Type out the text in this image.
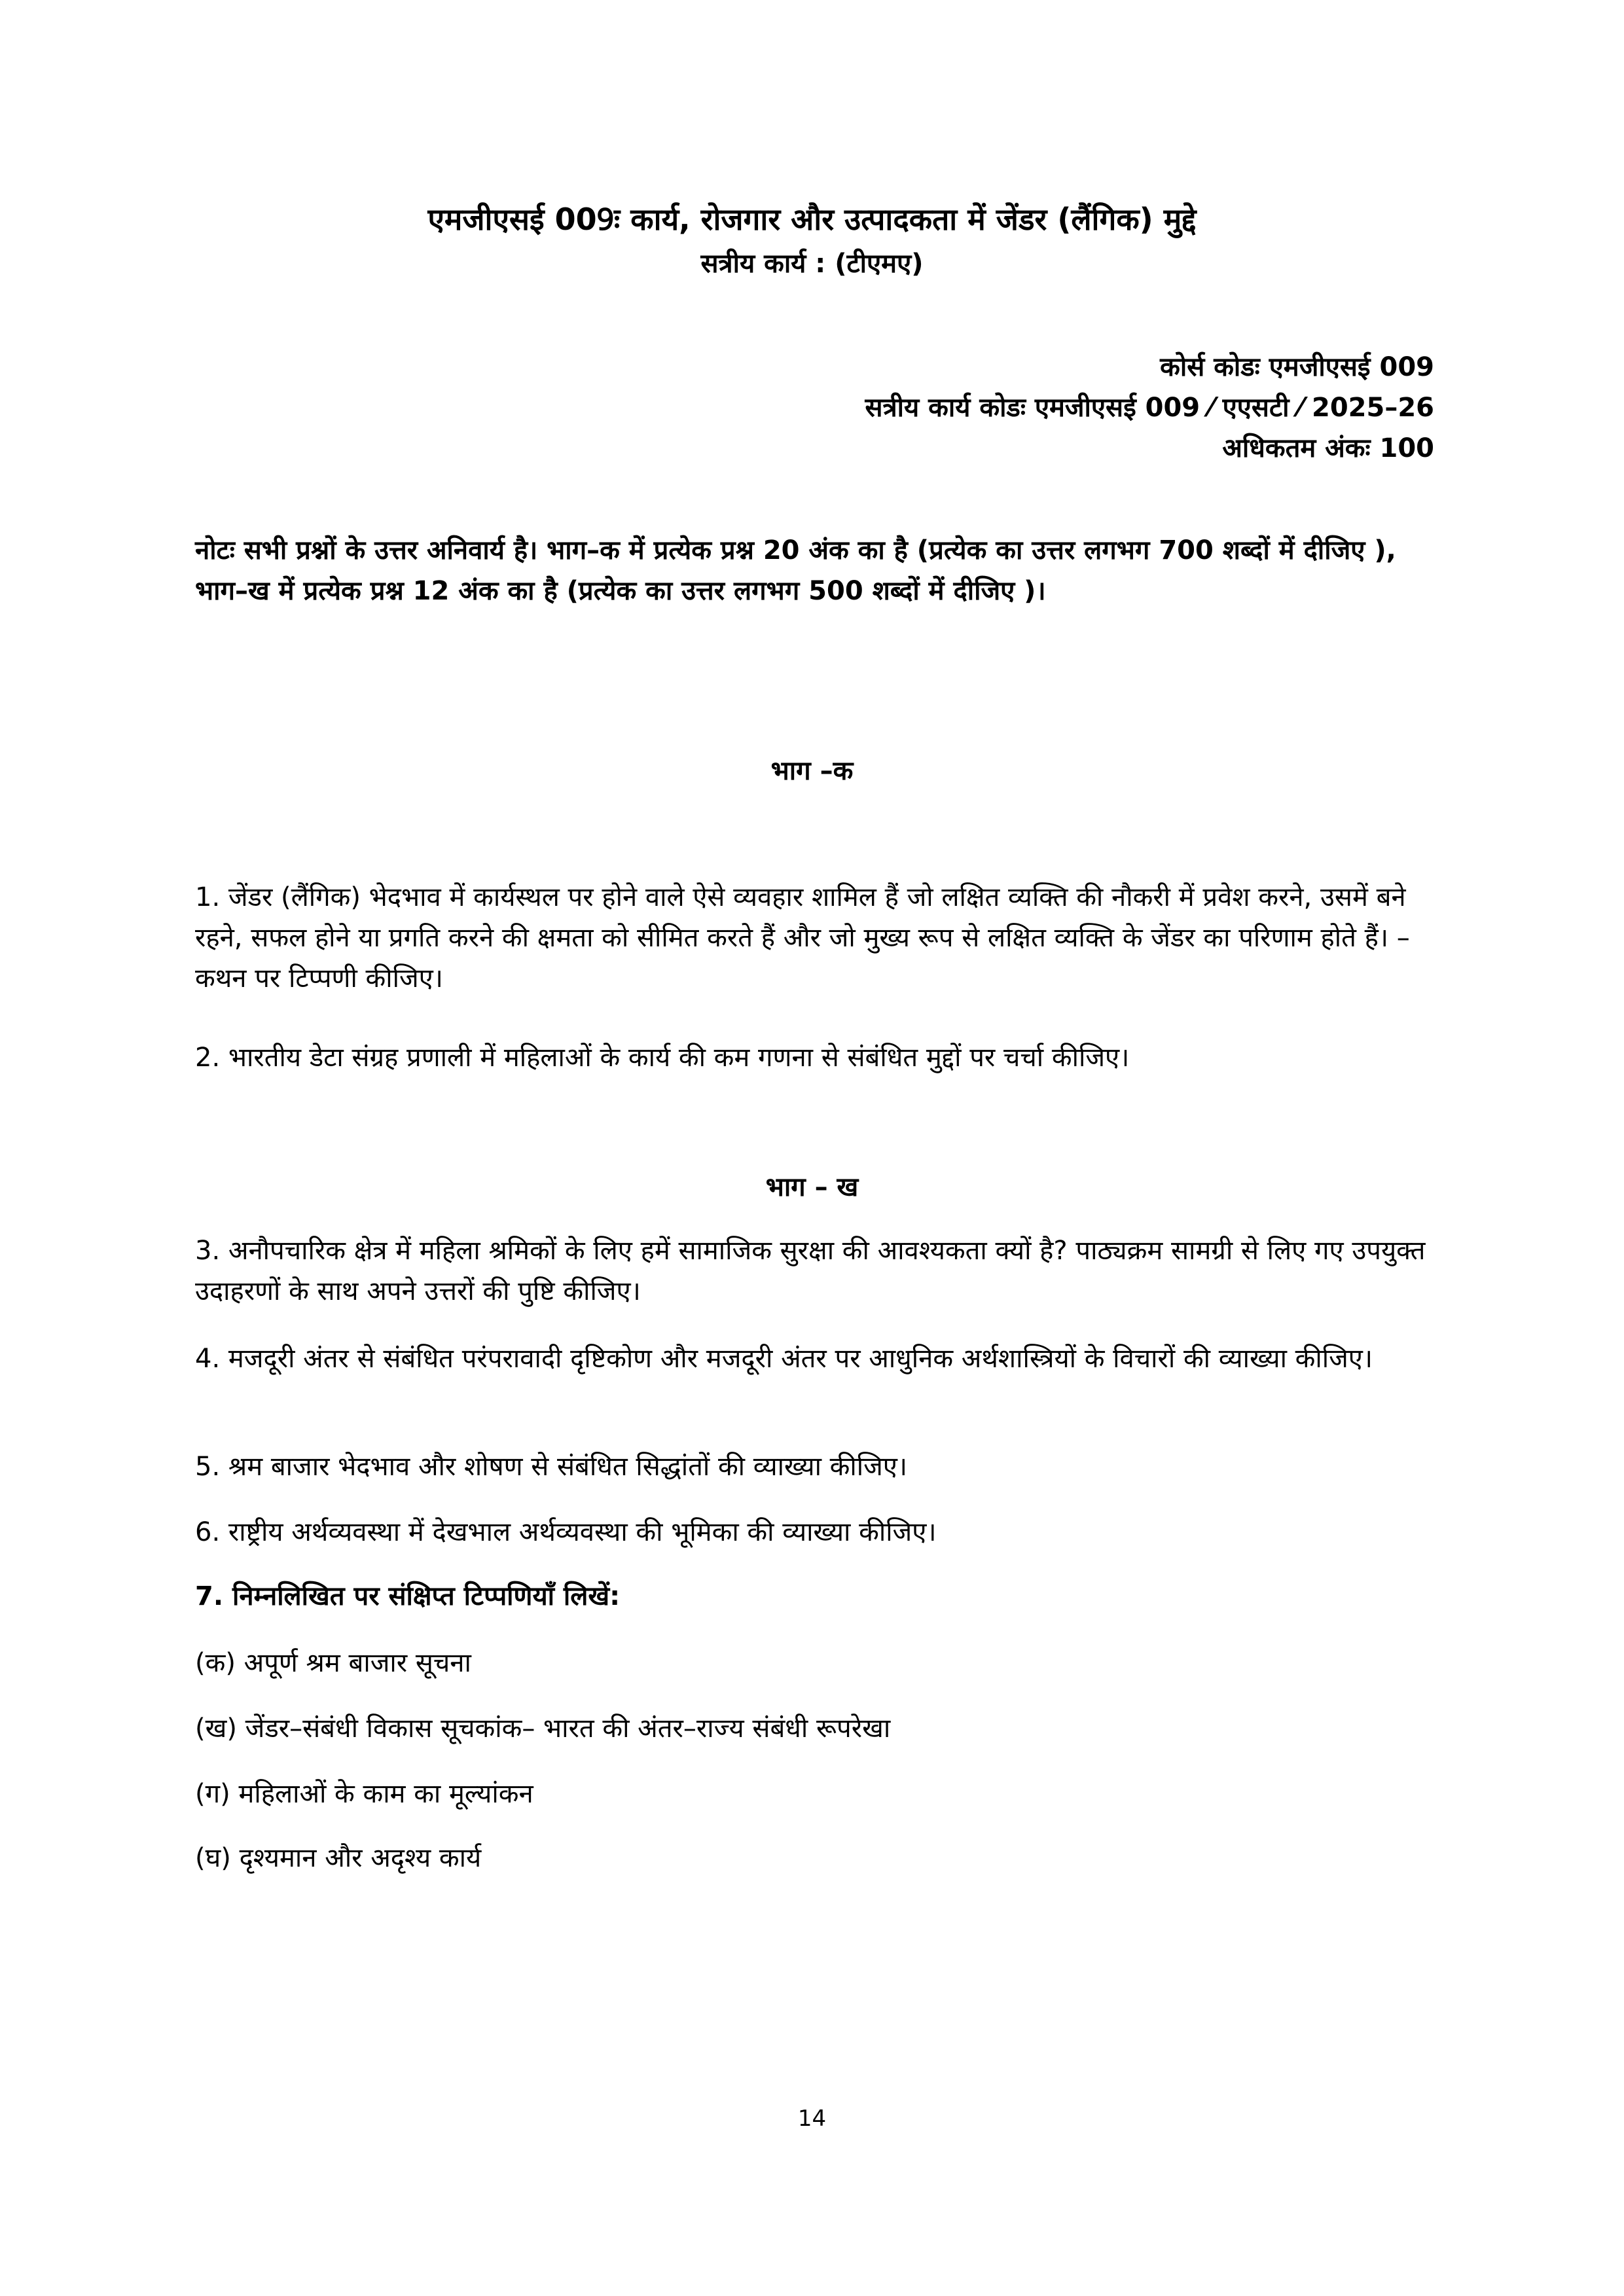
एमजीएसई 009ः कार्य, रोजगार और उत्पादकता में जेंडर (लैंगिक) मुद्दे
सत्रीय कार्य : (टीएमए)
कोर्स कोडः एमजीएसई 009
सत्रीय कार्य कोडः एमजीएसई 009 ⁄ एएसटी ⁄ 2025–26
अधिकतम अंकः 100
नोटः सभी प्रश्नों के उत्तर अनिवार्य है। भाग–क में प्रत्येक प्रश्न 20 अंक का है (प्रत्येक का उत्तर लगभग 700 शब्दों में दीजिए ), भाग–ख में प्रत्येक प्रश्न 12 अंक का है (प्रत्येक का उत्तर लगभग 500 शब्दों में दीजिए )।
भाग –क
1. जेंडर (लैंगिक) भेदभाव में कार्यस्थल पर होने वाले ऐसे व्यवहार शामिल हैं जो लक्षित व्यक्ति की नौकरी में प्रवेश करने, उसमें बने रहने, सफल होने या प्रगति करने की क्षमता को सीमित करते हैं और जो मुख्य रूप से लक्षित व्यक्ति के जेंडर का परिणाम होते हैं। – कथन पर टिप्पणी कीजिए।
2. भारतीय डेटा संग्रह प्रणाली में महिलाओं के कार्य की कम गणना से संबंधित मुद्दों पर चर्चा कीजिए।
भाग – ख
3. अनौपचारिक क्षेत्र में महिला श्रमिकों के लिए हमें सामाजिक सुरक्षा की आवश्यकता क्यों है? पाठ्यक्रम सामग्री से लिए गए उपयुक्त उदाहरणों के साथ अपने उत्तरों की पुष्टि कीजिए।
4. मजदूरी अंतर से संबंधित परंपरावादी दृष्टिकोण और मजदूरी अंतर पर आधुनिक अर्थशास्त्रियों के विचारों की व्याख्या कीजिए।
5. श्रम बाजार भेदभाव और शोषण से संबंधित सिद्धांतों की व्याख्या कीजिए।
6. राष्ट्रीय अर्थव्यवस्था में देखभाल अर्थव्यवस्था की भूमिका की व्याख्या कीजिए।
7. निम्नलिखित पर संक्षिप्त टिप्पणियाँ लिखें:
(क) अपूर्ण श्रम बाजार सूचना
(ख) जेंडर–संबंधी विकास सूचकांक– भारत की अंतर–राज्य संबंधी रूपरेखा
(ग) महिलाओं के काम का मूल्यांकन
(घ) दृश्यमान और अदृश्य कार्य
14
